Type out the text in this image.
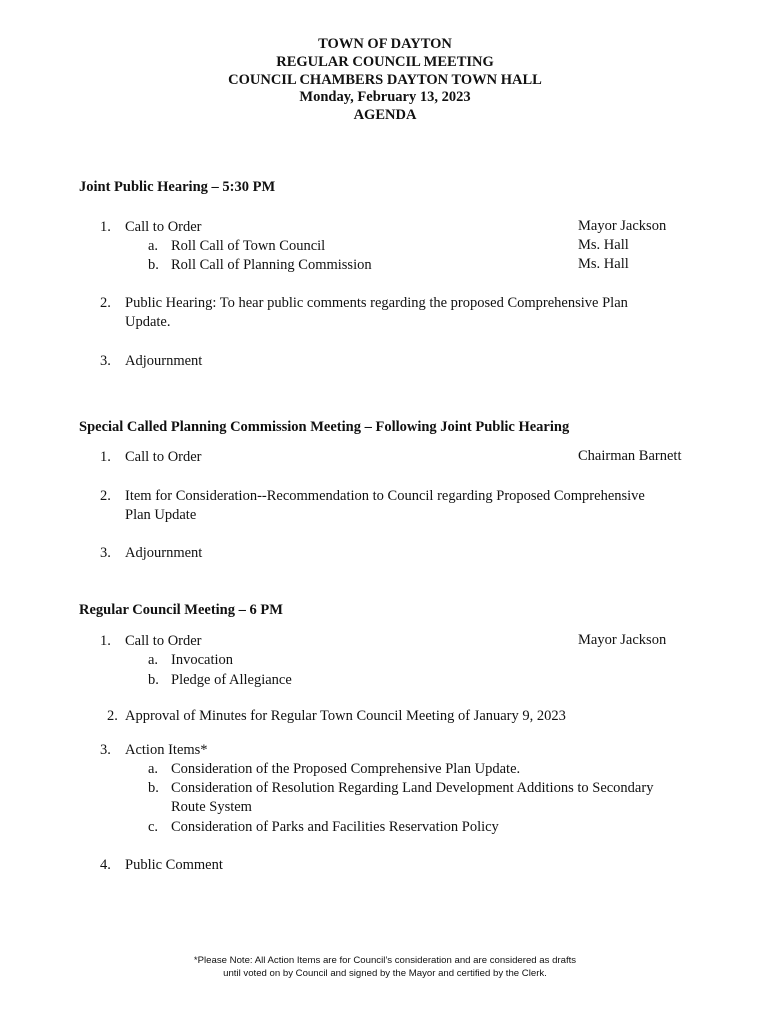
TOWN OF DAYTON
REGULAR COUNCIL MEETING
COUNCIL CHAMBERS DAYTON TOWN HALL
Monday, February 13, 2023
AGENDA
Joint Public Hearing – 5:30 PM
1. Call to Order	Mayor Jackson
a. Roll Call of Town Council	Ms. Hall
b. Roll Call of Planning Commission	Ms. Hall
2. Public Hearing: To hear public comments regarding the proposed Comprehensive Plan
Update.
3. Adjournment
Special Called Planning Commission Meeting – Following Joint Public Hearing
1. Call to Order	Chairman Barnett
2. Item for Consideration--Recommendation to Council regarding Proposed Comprehensive
Plan Update
3. Adjournment
Regular Council Meeting – 6 PM
1. Call to Order	Mayor Jackson
a. Invocation
b. Pledge of Allegiance
2. Approval of Minutes for Regular Town Council Meeting of January 9, 2023
3. Action Items*
a. Consideration of the Proposed Comprehensive Plan Update.
b. Consideration of Resolution Regarding Land Development Additions to Secondary
Route System
c. Consideration of Parks and Facilities Reservation Policy
4. Public Comment
*Please Note: All Action Items are for Council’s consideration and are considered as drafts
until voted on by Council and signed by the Mayor and certified by the Clerk.
